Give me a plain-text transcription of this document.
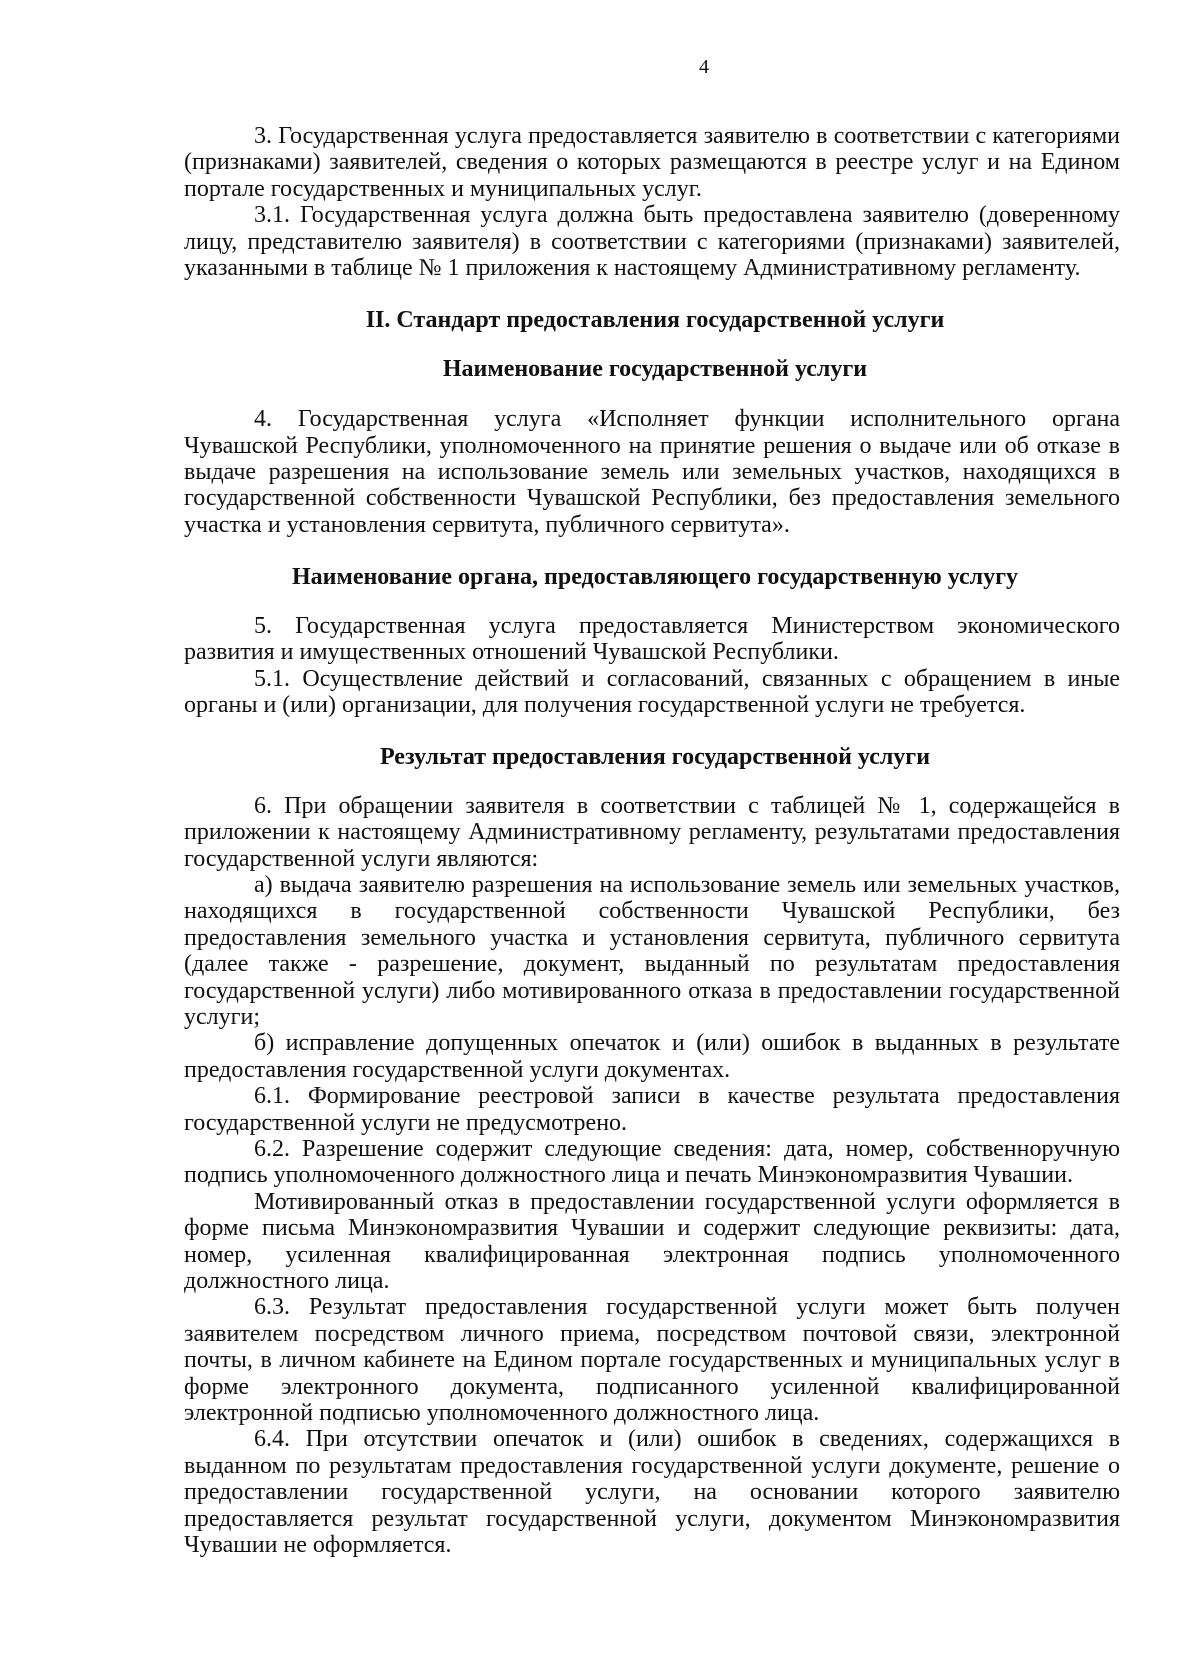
4

3. Государственная услуга предоставляется заявителю в соответствии с категориями (признаками) заявителей, сведения о которых размещаются в реестре услуг и на Едином портале государственных и муниципальных услуг.

3.1. Государственная услуга должна быть предоставлена заявителю (доверенному лицу, представителю заявителя) в соответствии с категориями (признаками) заявителей, указанными в таблице № 1 приложения к настоящему Административному регламенту.

II. Стандарт предоставления государственной услуги
Наименование государственной услуги

4. Государственная услуга «Исполняет функции исполнительного органа Чувашской Республики, уполномоченного на принятие решения о выдаче или об отказе в выдаче разрешения на использование земель или земельных участков, находящихся в государственной собственности Чувашской Республики, без предоставления земельного участка и установления сервитута, публичного сервитута».

Наименование органа, предоставляющего государственную услугу

5. Государственная услуга предоставляется Министерством экономического развития и имущественных отношений Чувашской Республики.

5.1. Осуществление действий и согласований, связанных с обращением в иные органы и (или) организации, для получения государственной услуги не требуется.

Результат предоставления государственной услуги

6. При обращении заявителя в соответствии с таблицей № 1, содержащейся в приложении к настоящему Административному регламенту, результатами предоставления государственной услуги являются:

а) выдача заявителю разрешения на использование земель или земельных участков, находящихся в государственной собственности Чувашской Республики, без предоставления земельного участка и установления сервитута, публичного сервитута (далее также - разрешение, документ, выданный по результатам предоставления государственной услуги) либо мотивированного отказа в предоставлении государственной услуги;

б) исправление допущенных опечаток и (или) ошибок в выданных в результате предоставления государственной услуги документах.

6.1. Формирование реестровой записи в качестве результата предоставления государственной услуги не предусмотрено.

6.2. Разрешение содержит следующие сведения: дата, номер, собственноручную подпись уполномоченного должностного лица и печать Минэкономразвития Чувашии.

Мотивированный отказ в предоставлении государственной услуги оформляется в форме письма Минэкономразвития Чувашии и содержит следующие реквизиты: дата, номер, усиленная квалифицированная электронная подпись уполномоченного должностного лица.

6.3. Результат предоставления государственной услуги может быть получен заявителем посредством личного приема, посредством почтовой связи, электронной почты, в личном кабинете на Едином портале государственных и муниципальных услуг в форме электронного документа, подписанного усиленной квалифицированной электронной подписью уполномоченного должностного лица.

6.4. При отсутствии опечаток и (или) ошибок в сведениях, содержащихся в выданном по результатам предоставления государственной услуги документе, решение о предоставлении государственной услуги, на основании которого заявителю предоставляется результат государственной услуги, документом Минэкономразвития Чувашии не оформляется.
